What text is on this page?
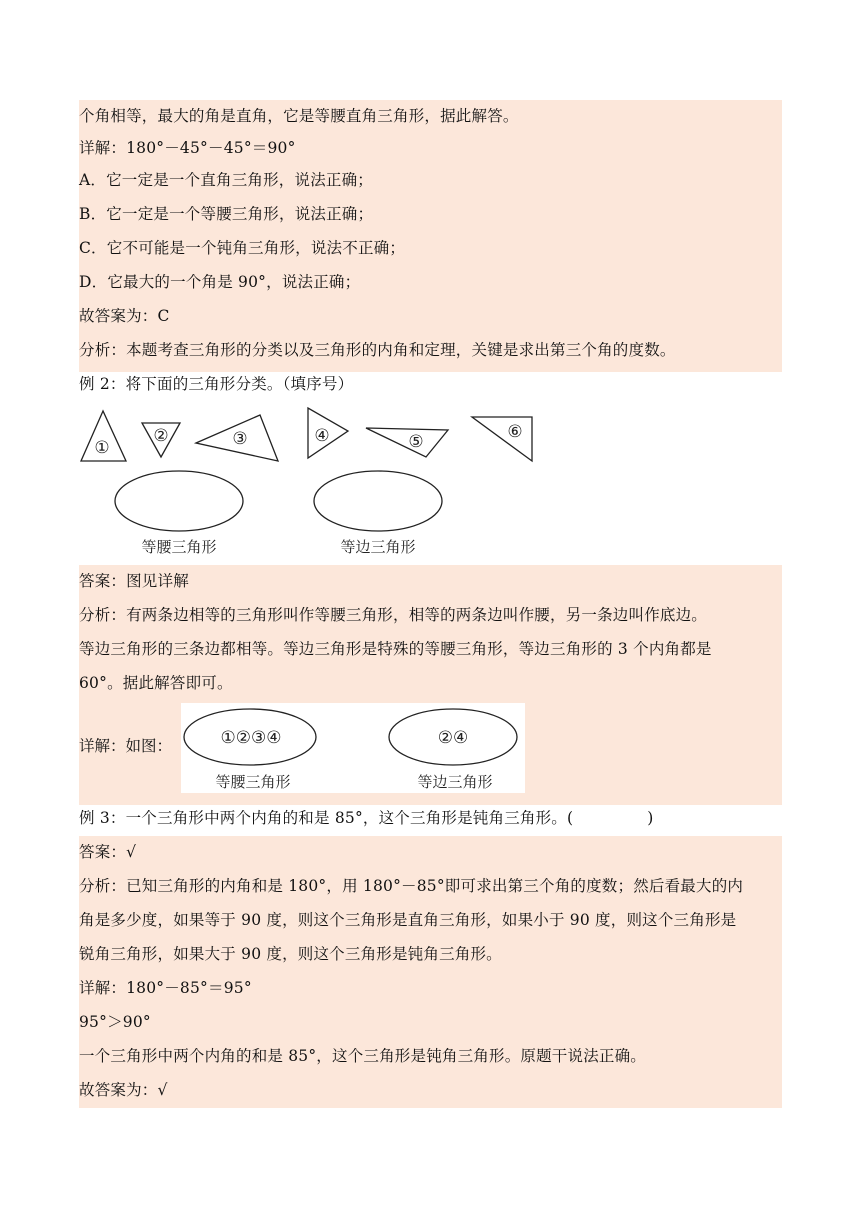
个角相等，最大的角是直角，它是等腰直角三角形，据此解答。
详解：180°－45°－45°＝90°
A．它一定是一个直角三角形，说法正确；
B．它一定是一个等腰三角形，说法正确；
C．它不可能是一个钝角三角形，说法不正确；
D．它最大的一个角是 90°，说法正确；
故答案为：C
分析：本题考查三角形的分类以及三角形的内角和定理，关键是求出第三个角的度数。
例 2：将下面的三角形分类。（填序号）
①
②	③	④	⑤	⑥
等腰三角形	等边三角形
答案：图见详解
分析：有两条边相等的三角形叫作等腰三角形，相等的两条边叫作腰，另一条边叫作底边。
等边三角形的三条边都相等。等边三角形是特殊的等腰三角形，等边三角形的 3 个内角都是
60°。据此解答即可。
详解：如图：	①②③④	②④
等腰三角形	等边三角形
例 3：一个三角形中两个内角的和是 85°，这个三角形是钝角三角形。(	)
答案：√
分析：已知三角形的内角和是 180°，用 180°－85°即可求出第三个角的度数；然后看最大的内
角是多少度，如果等于 90 度，则这个三角形是直角三角形，如果小于 90 度，则这个三角形是
锐角三角形，如果大于 90 度，则这个三角形是钝角三角形。
详解：180°－85°＝95°
95°＞90°
一个三角形中两个内角的和是 85°，这个三角形是钝角三角形。原题干说法正确。
故答案为：√
